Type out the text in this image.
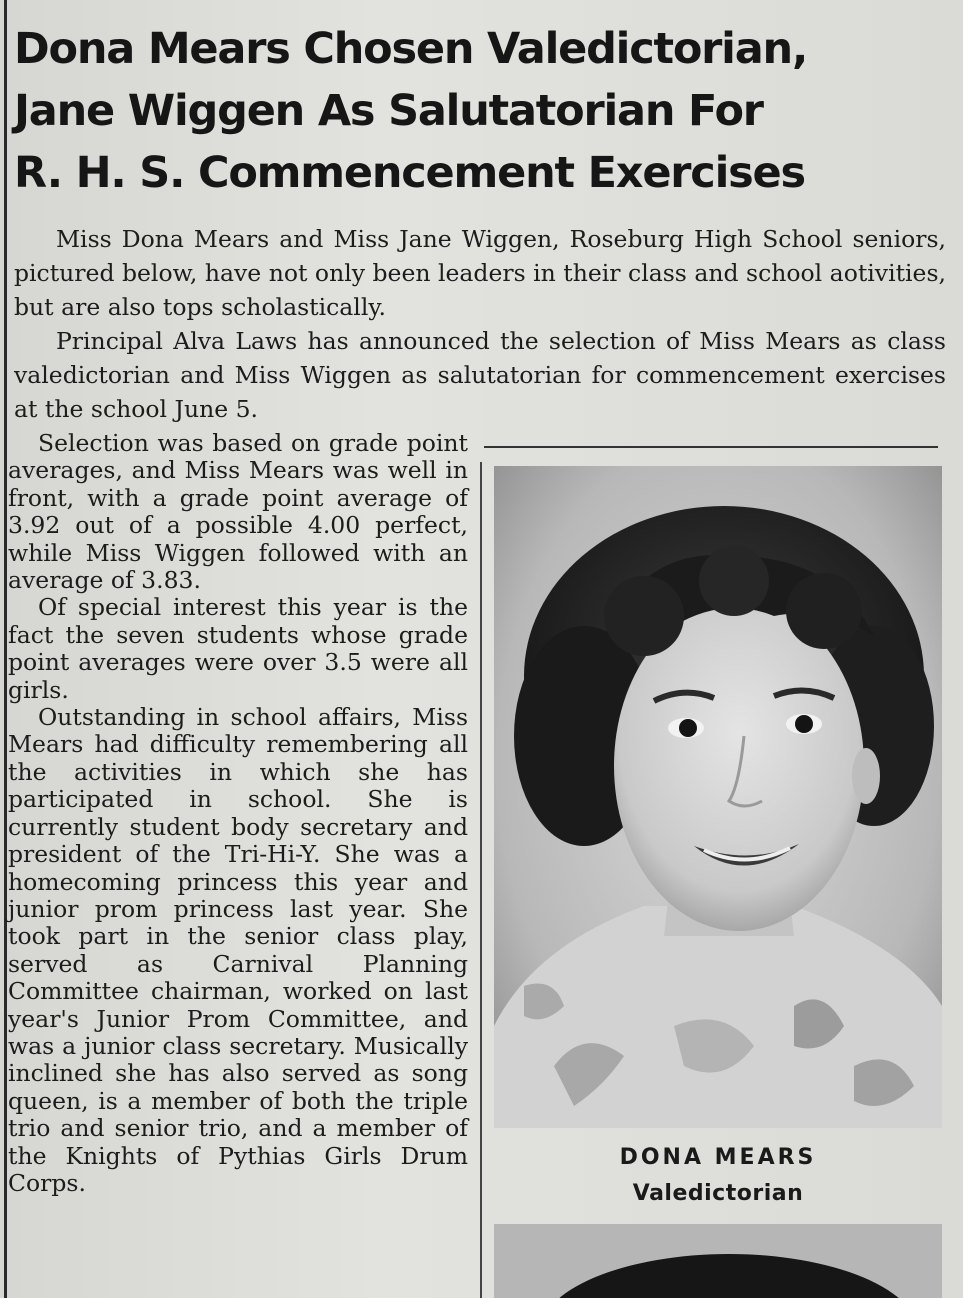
Dona Mears Chosen Valedictorian,
Jane Wiggen As Salutatorian For
R. H. S. Commencement Exercises

Miss Dona Mears and Miss Jane Wiggen, Roseburg High School seniors, pictured below, have not only been leaders in their class and school aotivities, but are also tops scholastically.

Principal Alva Laws has announced the selection of Miss Mears as class valedictorian and Miss Wiggen as salutatorian for commencement exercises at the school June 5.

Selection was based on grade point averages, and Miss Mears was well in front, with a grade point average of 3.92 out of a possible 4.00 perfect, while Miss Wiggen followed with an average of 3.83.

Of special interest this year is the fact the seven students whose grade point averages were over 3.5 were all girls.

Outstanding in school affairs, Miss Mears had difficulty remembering all the activities in which she has participated in school. She is currently student body secretary and president of the Tri-Hi-Y. She was a homecoming princess this year and junior prom princess last year. She took part in the senior class play, served as Carnival Planning Committee chairman, worked on last year's Junior Prom Committee, and was a junior class secretary. Musically inclined she has also served as song queen, is a member of both the triple trio and senior trio, and a member of the Knights of Pythias Girls Drum Corps.

DONA MEARS
Valedictorian
